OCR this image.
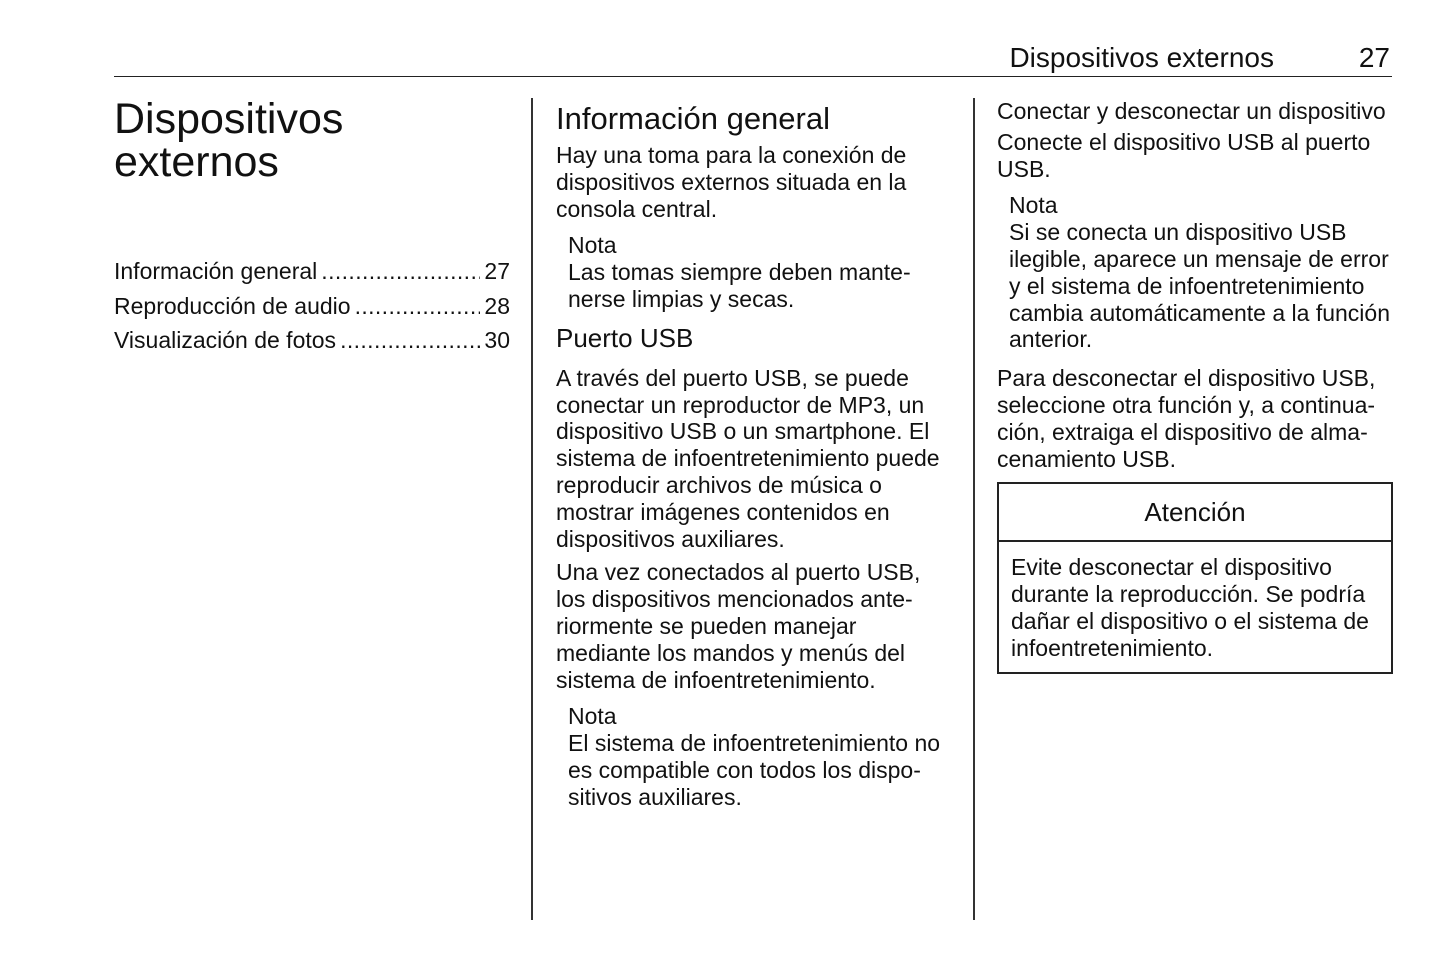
Dispositivos externos	27
Dispositivos
externos
Información general . . .	27
Reproducción de audio . . .	28
Visualización de fotos . . .	30
Información general

Hay una toma para la conexión de dispositivos externos situada en la consola central.

Nota

Las tomas siempre deben mantenerse limpias y secas.

Puerto USB

A través del puerto USB, se puede conectar un reproductor de MP3, un dispositivo USB o un smartphone. El sistema de infoentretenimiento puede reproducir archivos de música o mostrar imágenes contenidos en dispositivos auxiliares.

Una vez conectados al puerto USB, los dispositivos mencionados anteriormente se pueden manejar mediante los mandos y menús del sistema de infoentretenimiento.

Nota

El sistema de infoentretenimiento no es compatible con todos los dispositivos auxiliares.

Conectar y desconectar un dispositivo

Conecte el dispositivo USB al puerto USB.

Nota

Si se conecta un dispositivo USB ilegible, aparece un mensaje de error y el sistema de infoentretenimiento cambia automáticamente a la función anterior.

Para desconectar el dispositivo USB, seleccione otra función y, a continuación, extraiga el dispositivo de almacenamiento USB.

Atención
Evite desconectar el dispositivo durante la reproducción. Se podría dañar el dispositivo o el sistema de infoentretenimiento.
